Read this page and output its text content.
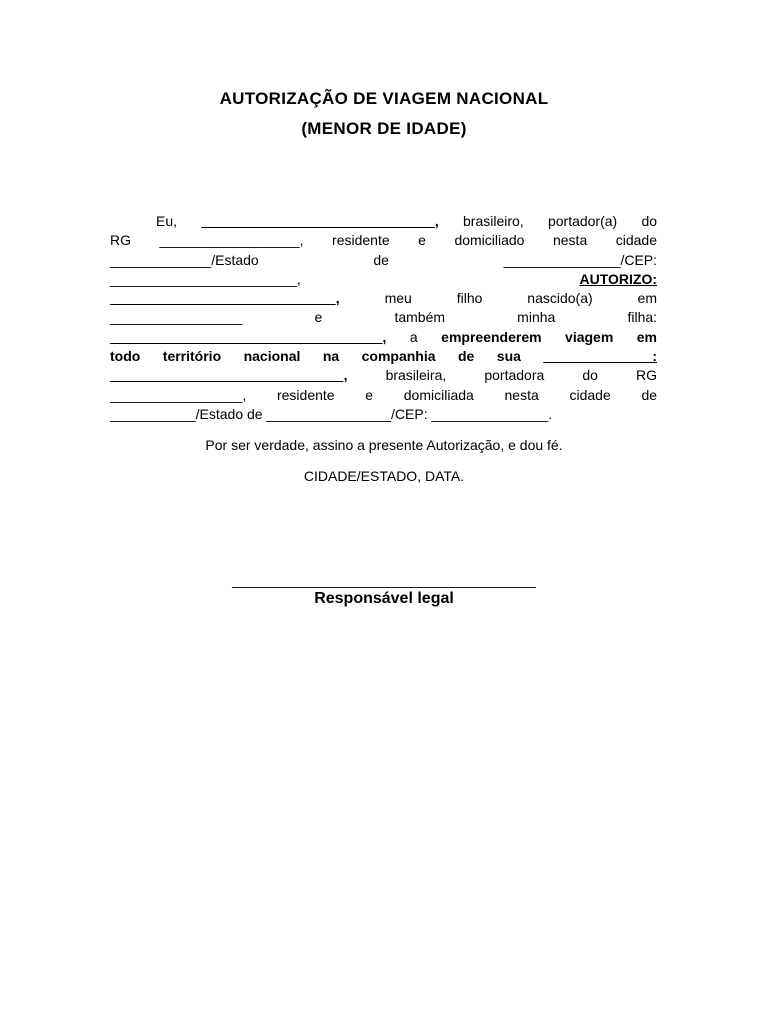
AUTORIZAÇÃO DE VIAGEM NACIONAL
(MENOR DE IDADE)
Eu, ______________________________, brasileiro, portador(a) do
RG __________________, residente e domiciliado nesta cidade
_____________/Estado	de	_______________/CEP:
________________________,	AUTORIZO:
_____________________________,	meu	filho	nascido(a)	em
_________________	e	também	minha	filha:
___________________________________, a empreenderem viagem em
todo território nacional na companhia de sua ______________:
______________________________,	brasileira,	portadora	do	RG
_________________, residente e domiciliada nesta cidade de
___________/Estado de ________________/CEP: _______________.
Por ser verdade, assino a presente Autorização, e dou fé.
CIDADE/ESTADO, DATA.
_______________________________________
Responsável legal
